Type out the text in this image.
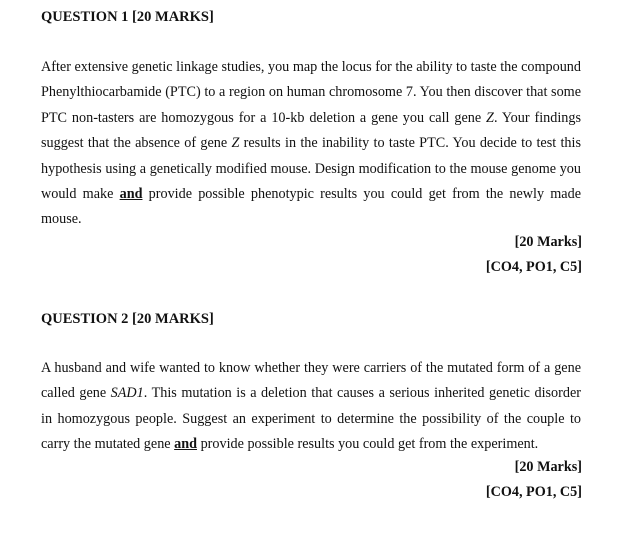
QUESTION 1 [20 MARKS]

After extensive genetic linkage studies, you map the locus for the ability to taste the compound Phenylthiocarbamide (PTC) to a region on human chromosome 7. You then discover that some PTC non-tasters are homozygous for a 10-kb deletion a gene you call gene Z. Your findings suggest that the absence of gene Z results in the inability to taste PTC. You decide to test this hypothesis using a genetically modified mouse. Design modification to the mouse genome you would make and provide possible phenotypic results you could get from the newly made mouse.

[20 Marks]
[CO4, PO1, C5]
QUESTION 2 [20 MARKS]

A husband and wife wanted to know whether they were carriers of the mutated form of a gene called gene SAD1. This mutation is a deletion that causes a serious inherited genetic disorder in homozygous people. Suggest an experiment to determine the possibility of the couple to carry the mutated gene and provide possible results you could get from the experiment.

[20 Marks]
[CO4, PO1, C5]
